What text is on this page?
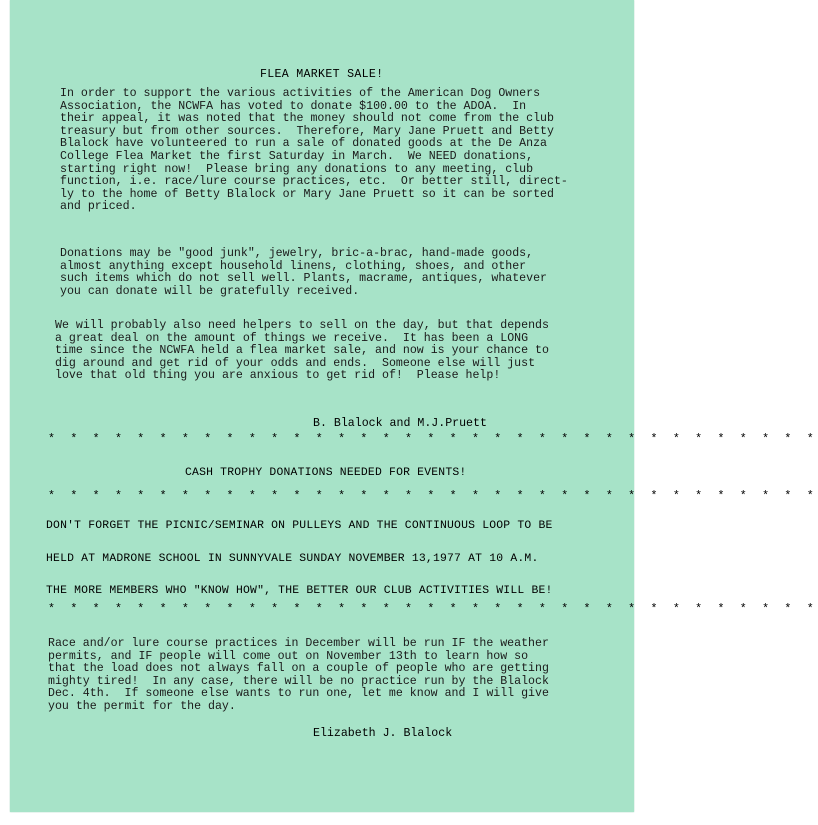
FLEA MARKET SALE!
In order to support the various activities of the American Dog Owners
Association, the NCWFA has voted to donate $100.00 to the ADOA.  In
their appeal, it was noted that the money should not come from the club
treasury but from other sources.  Therefore, Mary Jane Pruett and Betty
Blalock have volunteered to run a sale of donated goods at the De Anza
College Flea Market the first Saturday in March.  We NEED donations,
starting right now!  Please bring any donations to any meeting, club
function, i.e. race/lure course practices, etc.  Or better still, direct-
ly to the home of Betty Blalock or Mary Jane Pruett so it can be sorted
and priced.
Donations may be "good junk", jewelry, bric-a-brac, hand-made goods,
almost anything except household linens, clothing, shoes, and other
such items which do not sell well. Plants, macrame, antiques, whatever
you can donate will be gratefully received.
We will probably also need helpers to sell on the day, but that depends
a great deal on the amount of things we receive.  It has been a LONG
time since the NCWFA held a flea market sale, and now is your chance to
dig around and get rid of your odds and ends.  Someone else will just
love that old thing you are anxious to get rid of!  Please help!
B. Blalock and M.J.Pruett
* * * * * * * * * * * * * * * * * * * * * * * * * * * * * * * * * * *
CASH TROPHY DONATIONS NEEDED FOR EVENTS!
* * * * * * * * * * * * * * * * * * * * * * * * * * * * * * * * * * *
DON'T FORGET THE PICNIC/SEMINAR ON PULLEYS AND THE CONTINUOUS LOOP TO BE
HELD AT MADRONE SCHOOL IN SUNNYVALE SUNDAY NOVEMBER 13,1977 AT 10 A.M.
THE MORE MEMBERS WHO "KNOW HOW", THE BETTER OUR CLUB ACTIVITIES WILL BE!
* * * * * * * * * * * * * * * * * * * * * * * * * * * * * * * * * * *
Race and/or lure course practices in December will be run IF the weather
permits, and IF people will come out on November 13th to learn how so
that the load does not always fall on a couple of people who are getting
mighty tired!  In any case, there will be no practice run by the Blalock
Dec. 4th.  If someone else wants to run one, let me know and I will give
you the permit for the day.
Elizabeth J. Blalock
